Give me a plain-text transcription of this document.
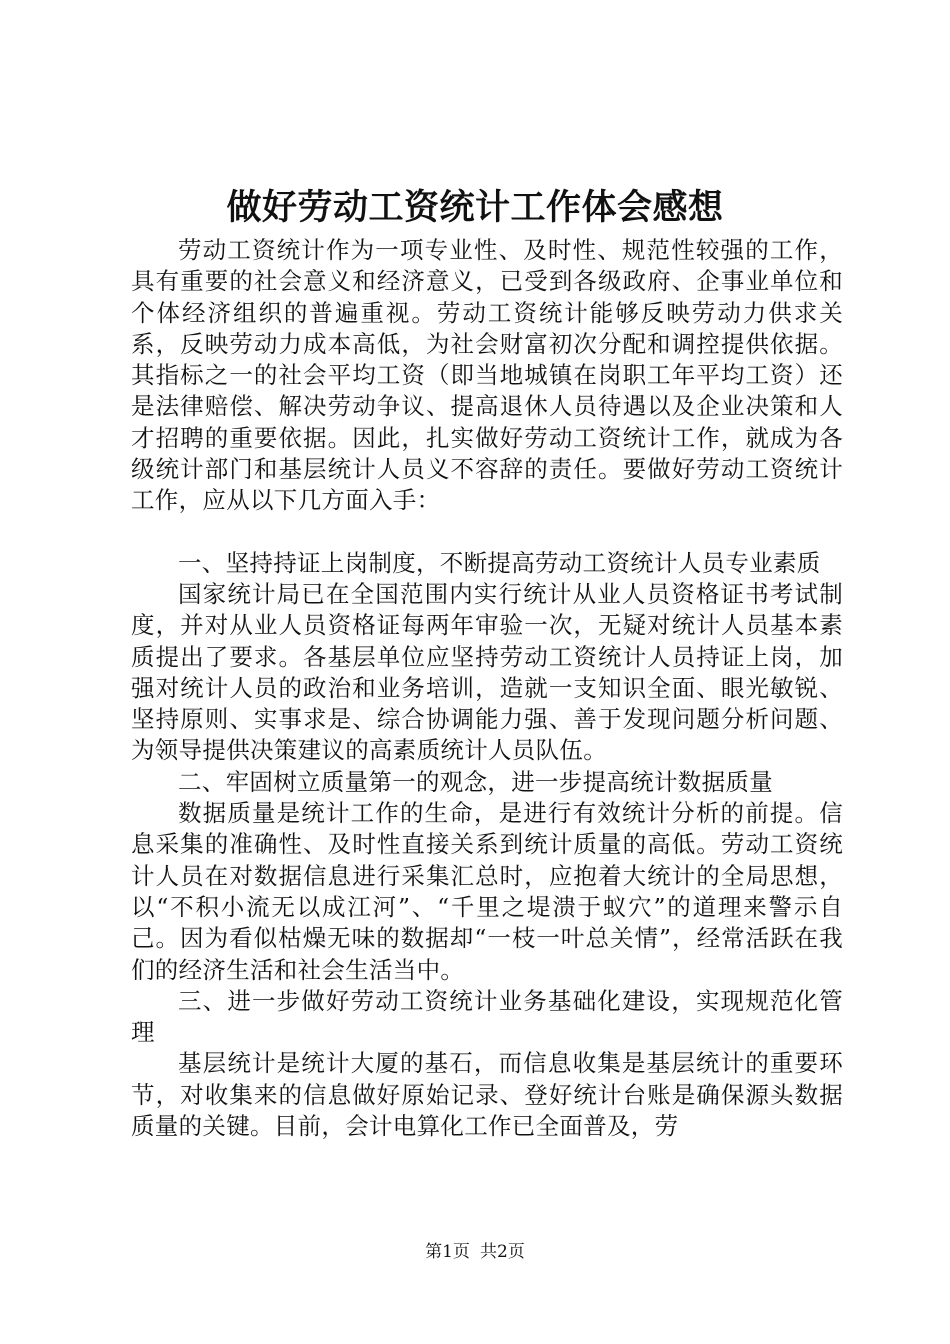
做好劳动工资统计工作体会感想

劳动工资统计作为一项专业性、及时性、规范性较强的工作，具有重要的社会意义和经济意义，已受到各级政府、企事业单位和个体经济组织的普遍重视。劳动工资统计能够反映劳动力供求关系，反映劳动力成本高低，为社会财富初次分配和调控提供依据。其指标之一的社会平均工资（即当地城镇在岗职工年平均工资）还是法律赔偿、解决劳动争议、提高退休人员待遇以及企业决策和人才招聘的重要依据。因此，扎实做好劳动工资统计工作，就成为各级统计部门和基层统计人员义不容辞的责任。要做好劳动工资统计工作，应从以下几方面入手：

一、坚持持证上岗制度，不断提高劳动工资统计人员专业素质

国家统计局已在全国范围内实行统计从业人员资格证书考试制度，并对从业人员资格证每两年审验一次，无疑对统计人员基本素质提出了要求。各基层单位应坚持劳动工资统计人员持证上岗，加强对统计人员的政治和业务培训，造就一支知识全面、眼光敏锐、坚持原则、实事求是、综合协调能力强、善于发现问题分析问题、为领导提供决策建议的高素质统计人员队伍。

二、牢固树立质量第一的观念，进一步提高统计数据质量

数据质量是统计工作的生命，是进行有效统计分析的前提。信息采集的准确性、及时性直接关系到统计质量的高低。劳动工资统计人员在对数据信息进行采集汇总时，应抱着大统计的全局思想，以“不积小流无以成江河”、“千里之堤溃于蚁穴”的道理来警示自己。因为看似枯燥无味的数据却“一枝一叶总关情”，经常活跃在我们的经济生活和社会生活当中。

三、进一步做好劳动工资统计业务基础化建设，实现规范化管理

基层统计是统计大厦的基石，而信息收集是基层统计的重要环节，对收集来的信息做好原始记录、登好统计台账是确保源头数据质量的关键。目前，会计电算化工作已全面普及，劳

第1页 共2页
